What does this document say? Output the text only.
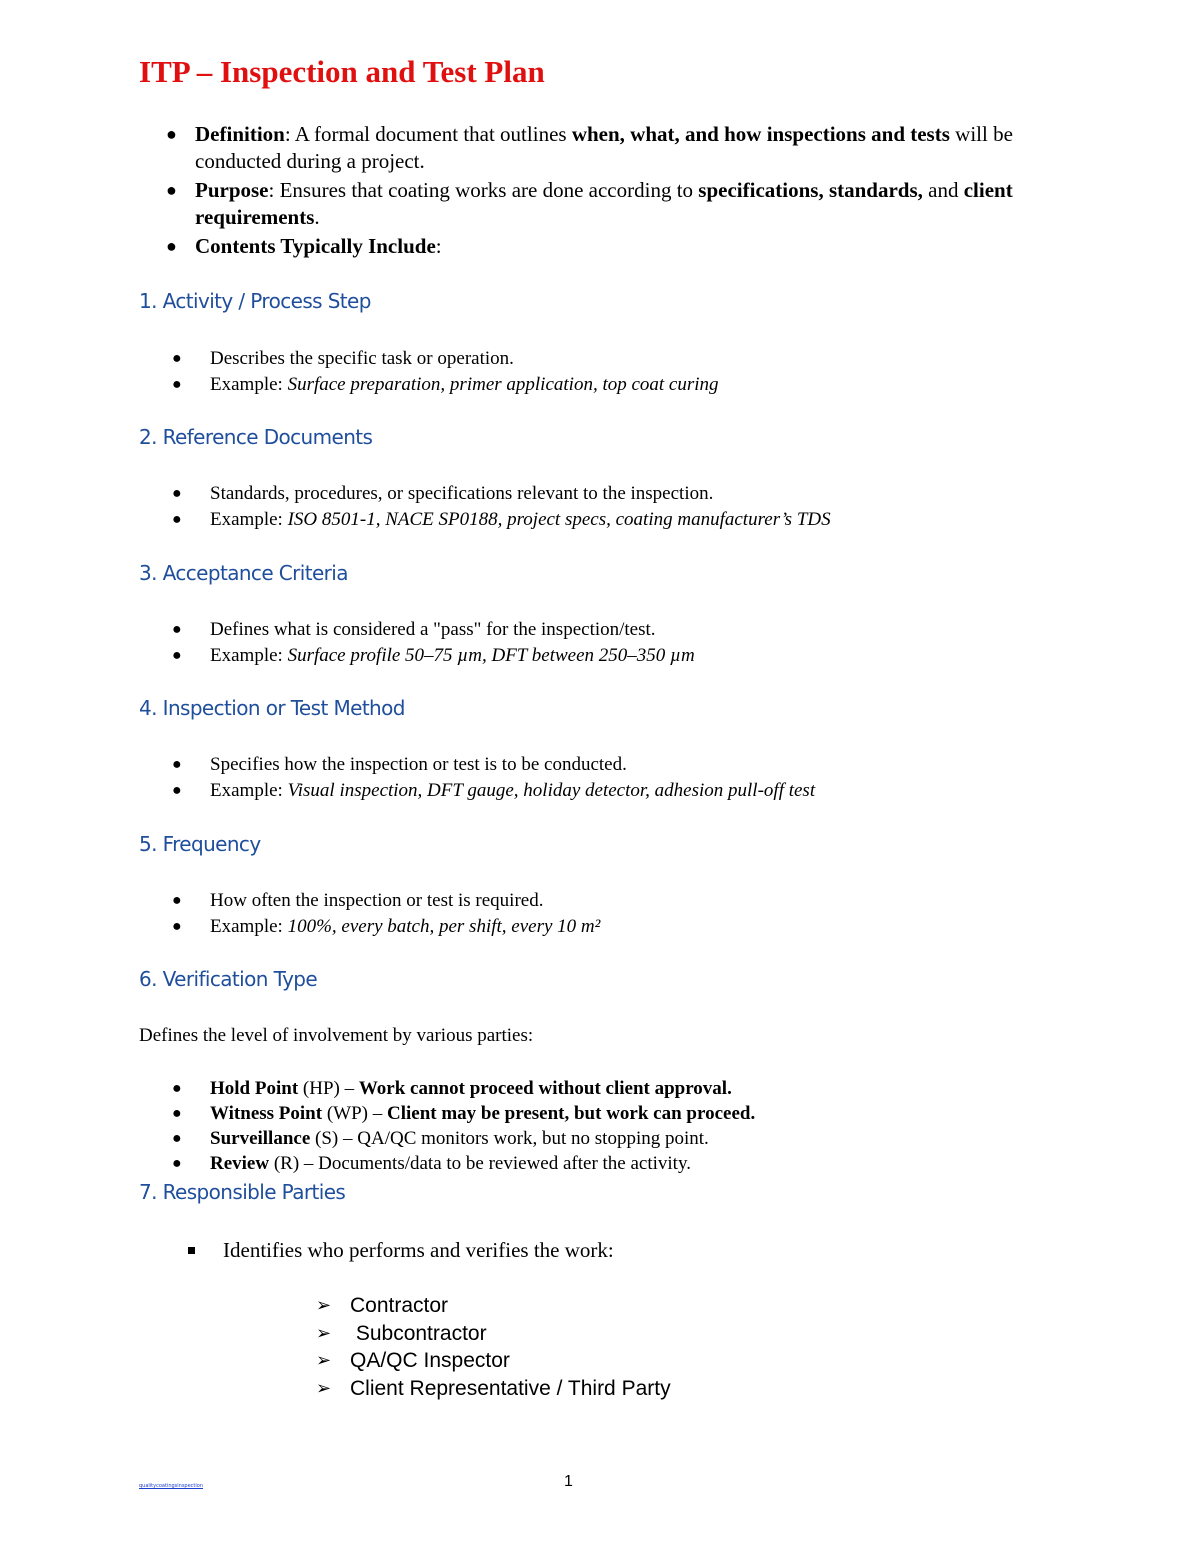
ITP – Inspection and Test Plan
● Definition: A formal document that outlines when, what, and how inspections and tests will be conducted during a project.
● Purpose: Ensures that coating works are done according to specifications, standards, and client requirements.
● Contents Typically Include:
1. Activity / Process Step
● Describes the specific task or operation.
● Example: Surface preparation, primer application, top coat curing
2. Reference Documents
● Standards, procedures, or specifications relevant to the inspection.
● Example: ISO 8501-1, NACE SP0188, project specs, coating manufacturer’s TDS
3. Acceptance Criteria
● Defines what is considered a "pass" for the inspection/test.
● Example: Surface profile 50–75 µm, DFT between 250–350 µm
4. Inspection or Test Method
● Specifies how the inspection or test is to be conducted.
● Example: Visual inspection, DFT gauge, holiday detector, adhesion pull-off test
5. Frequency
● How often the inspection or test is required.
● Example: 100%, every batch, per shift, every 10 m²
6. Verification Type

Defines the level of involvement by various parties:

● Hold Point (HP) – Work cannot proceed without client approval.
● Witness Point (WP) – Client may be present, but work can proceed.
● Surveillance (S) – QA/QC monitors work, but no stopping point.
● Review (R) – Documents/data to be reviewed after the activity.
7. Responsible Parties
Identifies who performs and verifies the work:
➢ Contractor
➢ Subcontractor
➢ QA/QC Inspector
➢ Client Representative / Third Party
qualitycoatingsinspection	1
